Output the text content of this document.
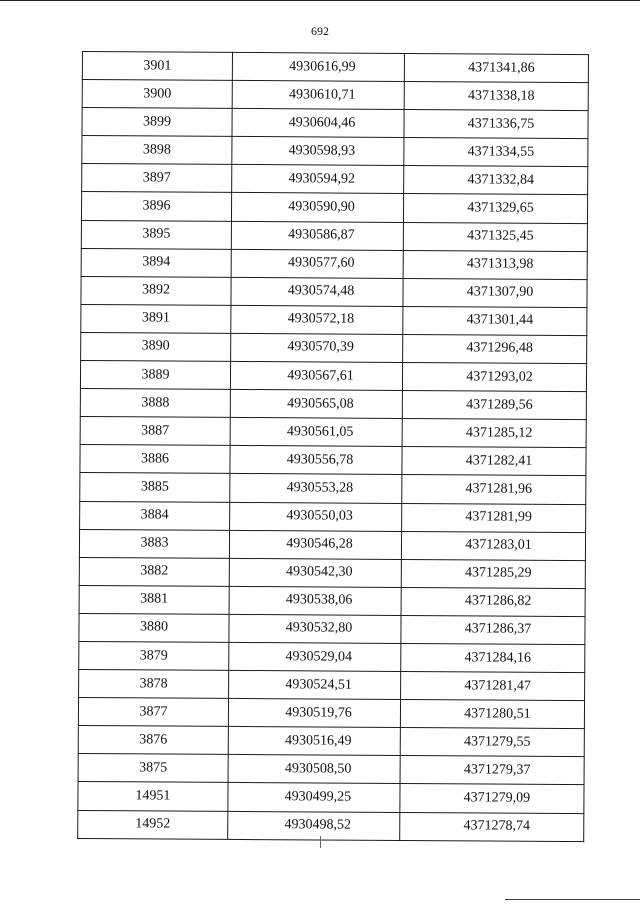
692
3901	4930616,99	4371341,86
3900	4930610,71	4371338,18
3899	4930604,46	4371336,75
3898	4930598,93	4371334,55
3897	4930594,92	4371332,84
3896	4930590,90	4371329,65
3895	4930586,87	4371325,45
3894	4930577,60	4371313,98
3892	4930574,48	4371307,90
3891	4930572,18	4371301,44
3890	4930570,39	4371296,48
3889	4930567,61	4371293,02
3888	4930565,08	4371289,56
3887	4930561,05	4371285,12
3886	4930556,78	4371282,41
3885	4930553,28	4371281,96
3884	4930550,03	4371281,99
3883	4930546,28	4371283,01
3882	4930542,30	4371285,29
3881	4930538,06	4371286,82
3880	4930532,80	4371286,37
3879	4930529,04	4371284,16
3878	4930524,51	4371281,47
3877	4930519,76	4371280,51
3876	4930516,49	4371279,55
3875	4930508,50	4371279,37
14951	4930499,25	4371279,09
14952	4930498,52	4371278,74
